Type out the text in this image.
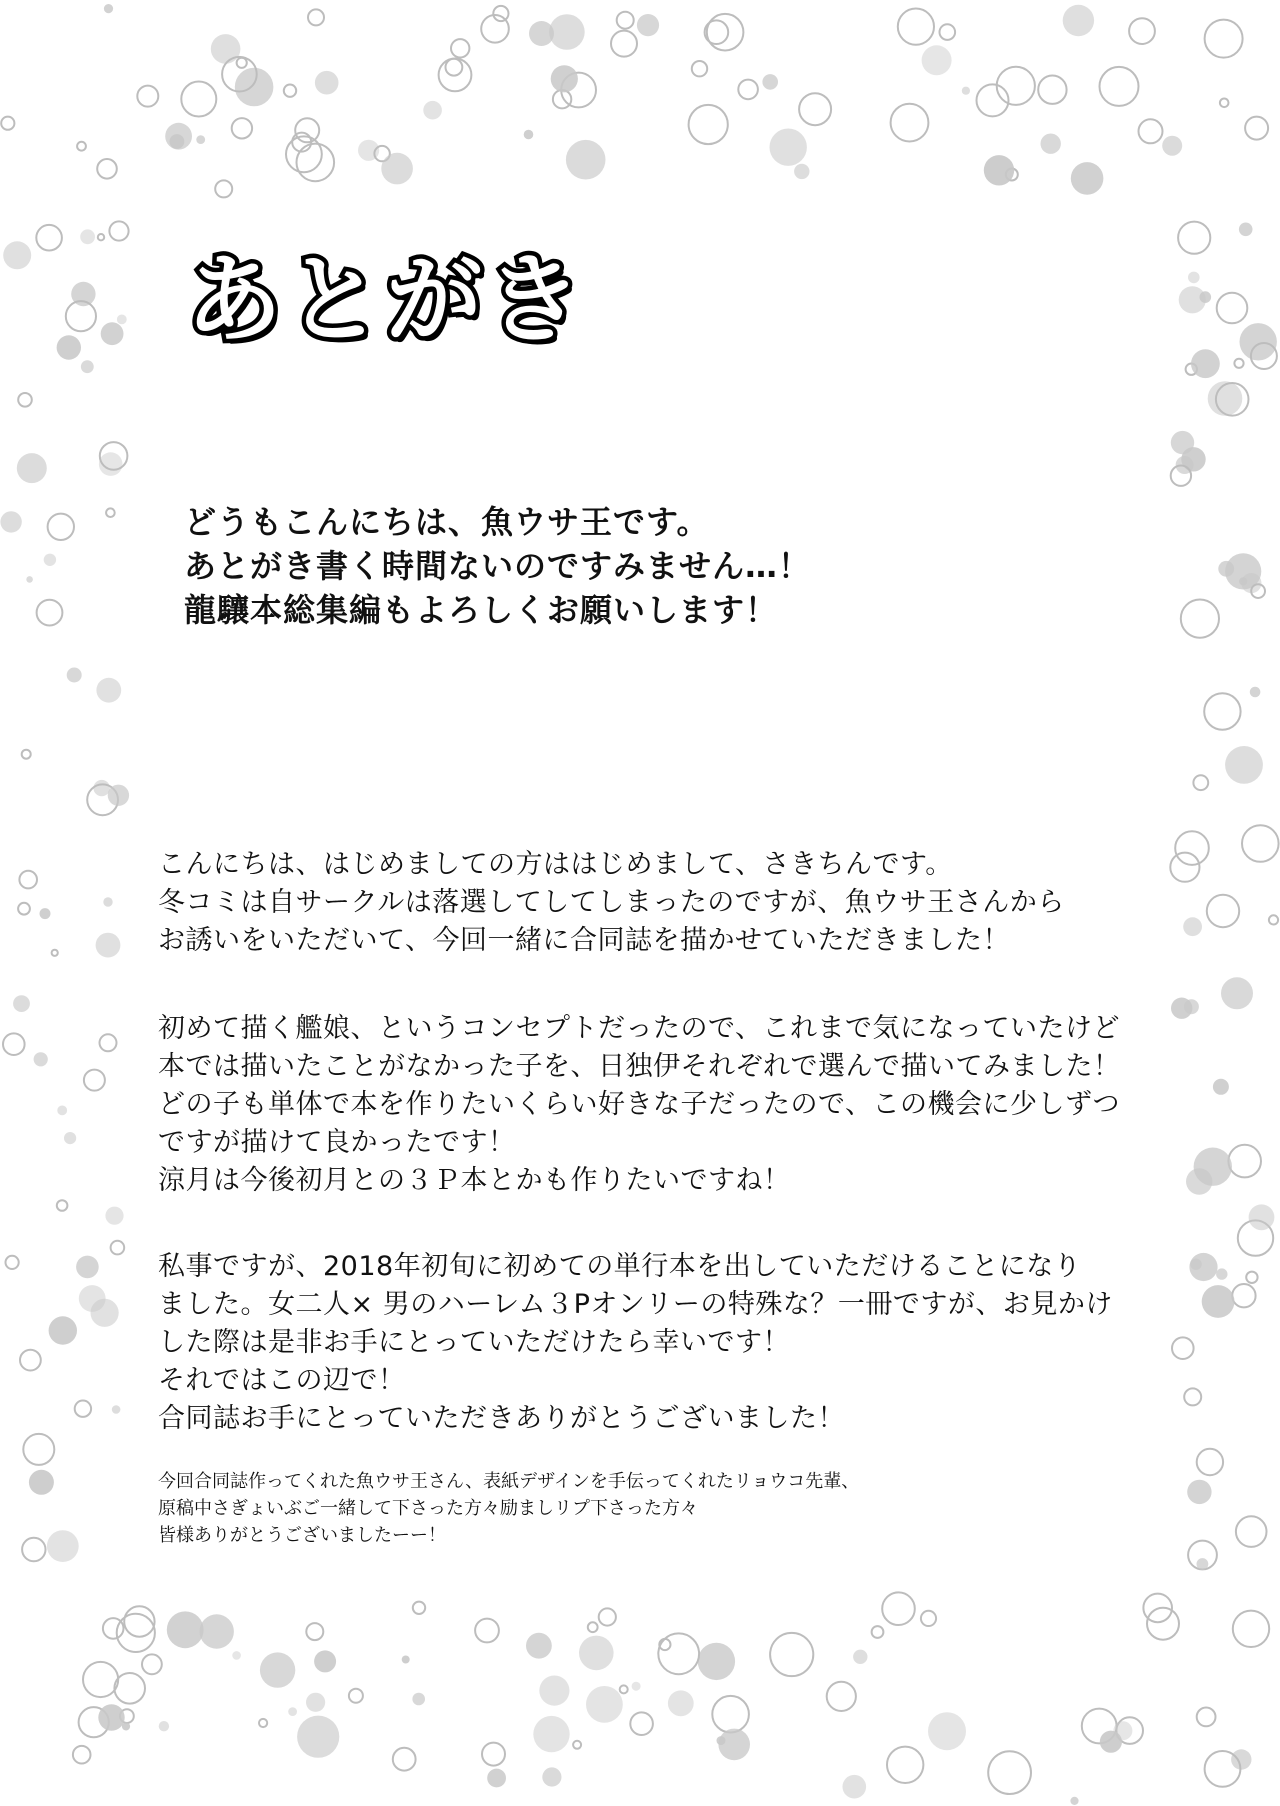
あとがき

どうもこんにちは、魚ウサ王です。

あとがき書く時間ないのですみません…！

龍驤本総集編もよろしくお願いします！

こんにちは、はじめましての方ははじめまして、さきちんです。

冬コミは自サークルは落選してしてしまったのですが、魚ウサ王さんから

お誘いをいただいて、今回一緒に合同誌を描かせていただきました！

初めて描く艦娘、というコンセプトだったので、これまで気になっていたけど

本では描いたことがなかった子を、日独伊それぞれで選んで描いてみました！

どの子も単体で本を作りたいくらい好きな子だったので、この機会に少しずつ

ですが描けて良かったです！

涼月は今後初月との３Ｐ本とかも作りたいですね！

私事ですが、2018年初旬に初めての単行本を出していただけることになり

ました。女二人× 男のハーレム３Pオンリーの特殊な？一冊ですが、お見かけ

した際は是非お手にとっていただけたら幸いです！

それではこの辺で！

合同誌お手にとっていただきありがとうございました！

今回合同誌作ってくれた魚ウサ王さん、表紙デザインを手伝ってくれたリョウコ先輩、

原稿中さぎょいぶご一緒して下さった方々励ましリプ下さった方々

皆様ありがとうございましたーー！
